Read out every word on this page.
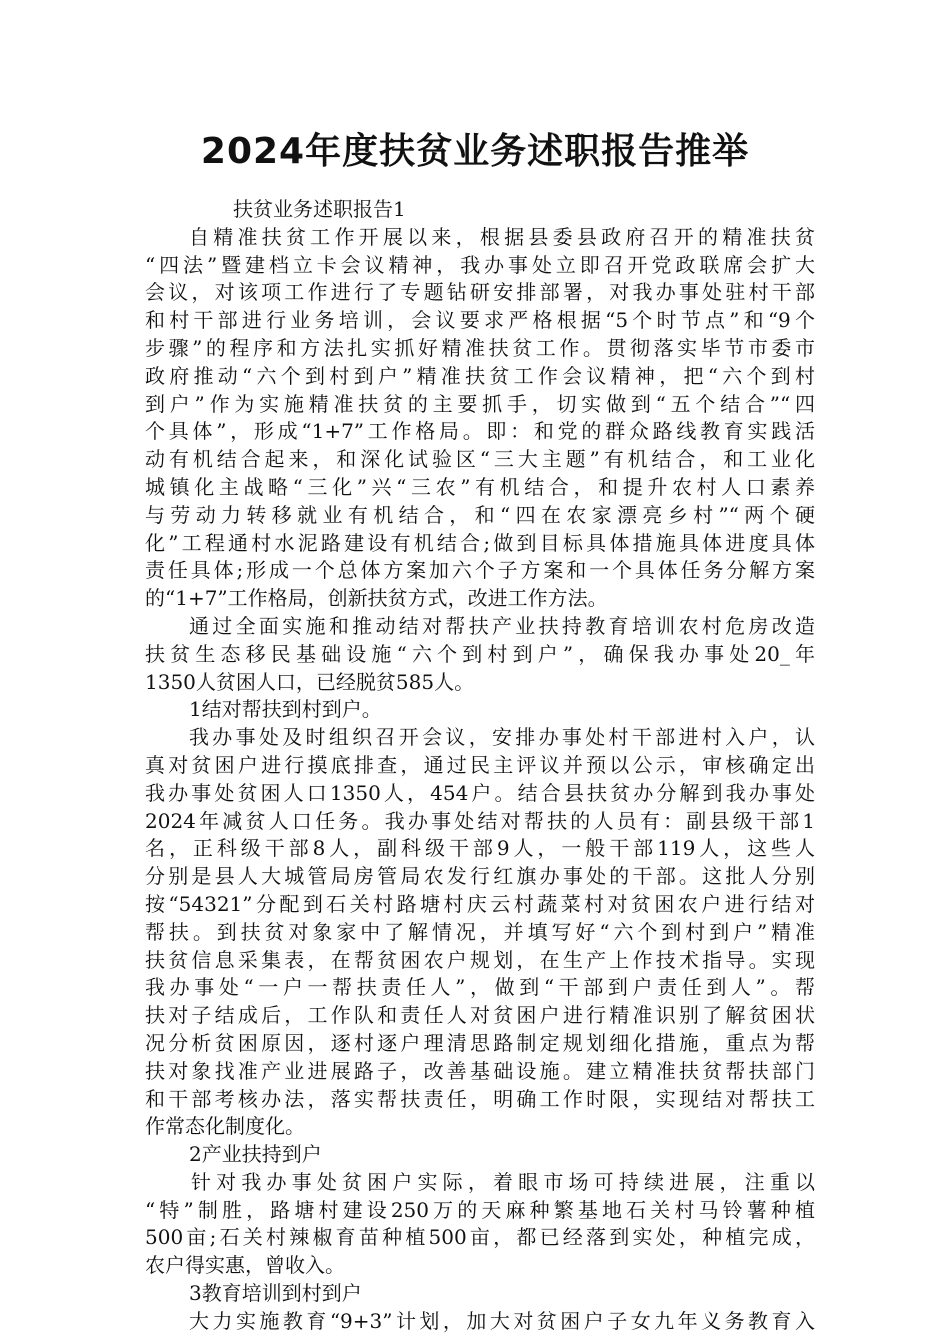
2024年度扶贫业务述职报告推举
扶贫业务述职报告1
自精准扶贫工作开展以来，根据县委县政府召开的精准扶贫
“四法”暨建档立卡会议精神，我办事处立即召开党政联席会扩大
会议，对该项工作进行了专题钻研安排部署，对我办事处驻村干部
和村干部进行业务培训，会议要求严格根据“5个时节点”和“9个
步骤”的程序和方法扎实抓好精准扶贫工作。贯彻落实毕节市委市
政府推动“六个到村到户”精准扶贫工作会议精神，把“六个到村
到户”作为实施精准扶贫的主要抓手，切实做到“五个结合”“四
个具体”，形成“1+7”工作格局。即：和党的群众路线教育实践活
动有机结合起来，和深化试验区“三大主题”有机结合，和工业化
城镇化主战略“三化”兴“三农”有机结合，和提升农村人口素养
与劳动力转移就业有机结合，和“四在农家漂亮乡村”“两个硬
化”工程通村水泥路建设有机结合;做到目标具体措施具体进度具体
责任具体;形成一个总体方案加六个子方案和一个具体任务分解方案
的“1+7”工作格局，创新扶贫方式，改进工作方法。
通过全面实施和推动结对帮扶产业扶持教育培训农村危房改造
扶贫生态移民基础设施“六个到村到户”，确保我办事处20_年
1350人贫困人口，已经脱贫585人。
1结对帮扶到村到户。
我办事处及时组织召开会议，安排办事处村干部进村入户，认
真对贫困户进行摸底排查，通过民主评议并预以公示，审核确定出
我办事处贫困人口1350人，454户。结合县扶贫办分解到我办事处
2024年减贫人口任务。我办事处结对帮扶的人员有：副县级干部1
名，正科级干部8人，副科级干部9人，一般干部119人，这些人
分别是县人大城管局房管局农发行红旗办事处的干部。这批人分别
按“54321”分配到石关村路塘村庆云村蔬菜村对贫困农户进行结对
帮扶。到扶贫对象家中了解情况，并填写好“六个到村到户”精准
扶贫信息采集表，在帮贫困农户规划，在生产上作技术指导。实现
我办事处“一户一帮扶责任人”，做到“干部到户责任到人”。帮
扶对子结成后，工作队和责任人对贫困户进行精准识别了解贫困状
况分析贫困原因，逐村逐户理清思路制定规划细化措施，重点为帮
扶对象找准产业进展路子，改善基础设施。建立精准扶贫帮扶部门
和干部考核办法，落实帮扶责任，明确工作时限，实现结对帮扶工
作常态化制度化。
2产业扶持到户
针对我办事处贫困户实际，着眼市场可持续进展，注重以
“特”制胜，路塘村建设250万的天麻种繁基地石关村马铃薯种植
500亩;石关村辣椒育苗种植500亩，都已经落到实处，种植完成，
农户得实惠，曾收入。
3教育培训到村到户
大力实施教育“9+3”计划，加大对贫困户子女九年义务教育入
